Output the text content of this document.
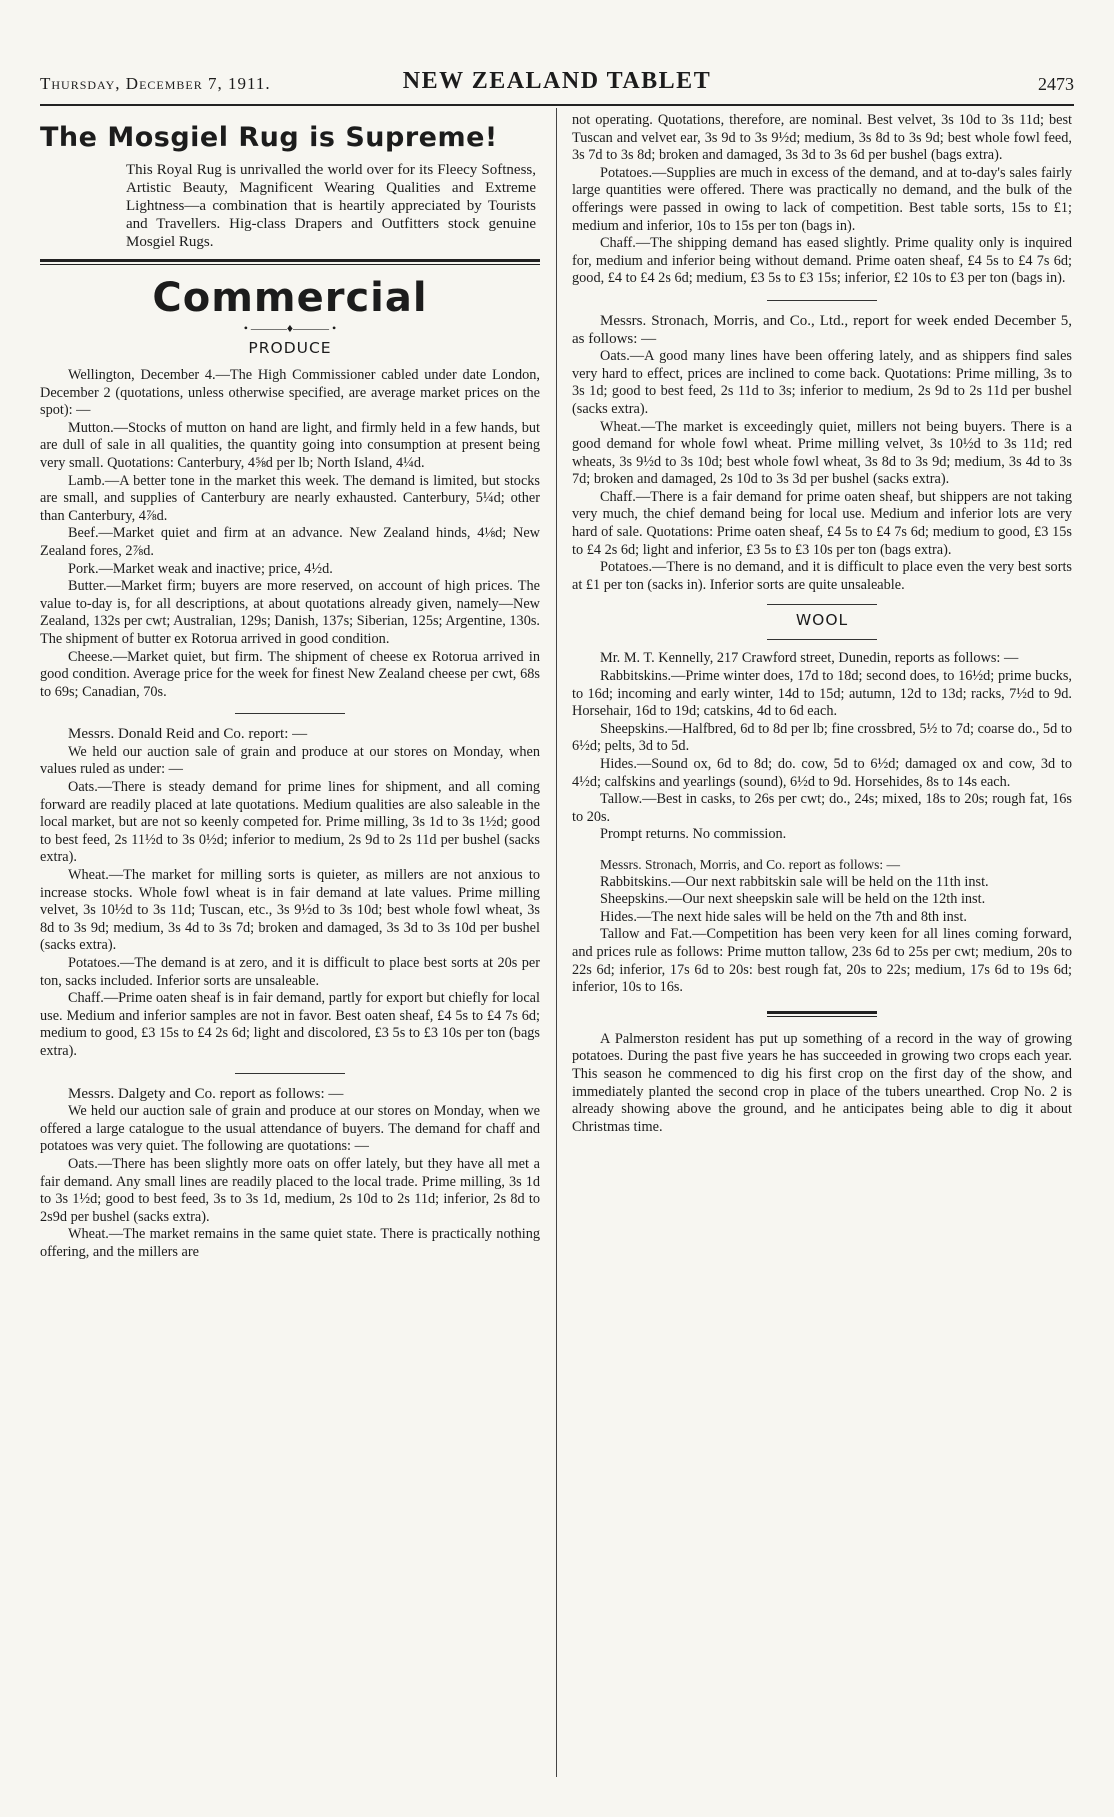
Thursday, December 7, 1911.	NEW ZEALAND TABLET	2473
The Mosgiel Rug is Supreme!

This Royal Rug is unrivalled the world over for its Fleecy Softness, Artistic Beauty, Magnificent Wearing Qualities and Extreme Lightness—a combination that is heartily appreciated by Tourists and Travellers. Hig-class Drapers and Outfitters stock genuine Mosgiel Rugs.

Commercial
• ———♦——— •
PRODUCE

Wellington, December 4.—The High Commissioner cabled under date London, December 2 (quotations, unless otherwise specified, are average market prices on the spot): —

Mutton.—Stocks of mutton on hand are light, and firmly held in a few hands, but are dull of sale in all qualities, the quantity going into consumption at present being very small. Quotations: Canterbury, 4⅝d per lb; North Island, 4¼d.

Lamb.—A better tone in the market this week. The demand is limited, but stocks are small, and supplies of Canterbury are nearly exhausted. Canterbury, 5¼d; other than Canterbury, 4⅞d.

Beef.—Market quiet and firm at an advance. New Zealand hinds, 4⅛d; New Zealand fores, 2⅞d.

Pork.—Market weak and inactive; price, 4½d.

Butter.—Market firm; buyers are more reserved, on account of high prices. The value to-day is, for all descriptions, at about quotations already given, namely—New Zealand, 132s per cwt; Australian, 129s; Danish, 137s; Siberian, 125s; Argentine, 130s. The shipment of butter ex Rotorua arrived in good condition.

Cheese.—Market quiet, but firm. The shipment of cheese ex Rotorua arrived in good condition. Average price for the week for finest New Zealand cheese per cwt, 68s to 69s; Canadian, 70s.

Messrs. Donald Reid and Co. report: —

We held our auction sale of grain and produce at our stores on Monday, when values ruled as under: —

Oats.—There is steady demand for prime lines for shipment, and all coming forward are readily placed at late quotations. Medium qualities are also saleable in the local market, but are not so keenly competed for. Prime milling, 3s 1d to 3s 1½d; good to best feed, 2s 11½d to 3s 0½d; inferior to medium, 2s 9d to 2s 11d per bushel (sacks extra).

Wheat.—The market for milling sorts is quieter, as millers are not anxious to increase stocks. Whole fowl wheat is in fair demand at late values. Prime milling velvet, 3s 10½d to 3s 11d; Tuscan, etc., 3s 9½d to 3s 10d; best whole fowl wheat, 3s 8d to 3s 9d; medium, 3s 4d to 3s 7d; broken and damaged, 3s 3d to 3s 10d per bushel (sacks extra).

Potatoes.—The demand is at zero, and it is difficult to place best sorts at 20s per ton, sacks included. Inferior sorts are unsaleable.

Chaff.—Prime oaten sheaf is in fair demand, partly for export but chiefly for local use. Medium and inferior samples are not in favor. Best oaten sheaf, £4 5s to £4 7s 6d; medium to good, £3 15s to £4 2s 6d; light and discolored, £3 5s to £3 10s per ton (bags extra).

Messrs. Dalgety and Co. report as follows: —

We held our auction sale of grain and produce at our stores on Monday, when we offered a large catalogue to the usual attendance of buyers. The demand for chaff and potatoes was very quiet. The following are quotations: —

Oats.—There has been slightly more oats on offer lately, but they have all met a fair demand. Any small lines are readily placed to the local trade. Prime milling, 3s 1d to 3s 1½d; good to best feed, 3s to 3s 1d, medium, 2s 10d to 2s 11d; inferior, 2s 8d to 2s9d per bushel (sacks extra).

Wheat.—The market remains in the same quiet state. There is practically nothing offering, and the millers are

not operating. Quotations, therefore, are nominal. Best velvet, 3s 10d to 3s 11d; best Tuscan and velvet ear, 3s 9d to 3s 9½d; medium, 3s 8d to 3s 9d; best whole fowl feed, 3s 7d to 3s 8d; broken and damaged, 3s 3d to 3s 6d per bushel (bags extra).

Potatoes.—Supplies are much in excess of the demand, and at to-day's sales fairly large quantities were offered. There was practically no demand, and the bulk of the offerings were passed in owing to lack of competition. Best table sorts, 15s to £1; medium and inferior, 10s to 15s per ton (bags in).

Chaff.—The shipping demand has eased slightly. Prime quality only is inquired for, medium and inferior being without demand. Prime oaten sheaf, £4 5s to £4 7s 6d; good, £4 to £4 2s 6d; medium, £3 5s to £3 15s; inferior, £2 10s to £3 per ton (bags in).

Messrs. Stronach, Morris, and Co., Ltd., report for week ended December 5, as follows: —

Oats.—A good many lines have been offering lately, and as shippers find sales very hard to effect, prices are inclined to come back. Quotations: Prime milling, 3s to 3s 1d; good to best feed, 2s 11d to 3s; inferior to medium, 2s 9d to 2s 11d per bushel (sacks extra).

Wheat.—The market is exceedingly quiet, millers not being buyers. There is a good demand for whole fowl wheat. Prime milling velvet, 3s 10½d to 3s 11d; red wheats, 3s 9½d to 3s 10d; best whole fowl wheat, 3s 8d to 3s 9d; medium, 3s 4d to 3s 7d; broken and damaged, 2s 10d to 3s 3d per bushel (sacks extra).

Chaff.—There is a fair demand for prime oaten sheaf, but shippers are not taking very much, the chief demand being for local use. Medium and inferior lots are very hard of sale. Quotations: Prime oaten sheaf, £4 5s to £4 7s 6d; medium to good, £3 15s to £4 2s 6d; light and inferior, £3 5s to £3 10s per ton (bags extra).

Potatoes.—There is no demand, and it is difficult to place even the very best sorts at £1 per ton (sacks in). Inferior sorts are quite unsaleable.

WOOL

Mr. M. T. Kennelly, 217 Crawford street, Dunedin, reports as follows: —

Rabbitskins.—Prime winter does, 17d to 18d; second does, to 16½d; prime bucks, to 16d; incoming and early winter, 14d to 15d; autumn, 12d to 13d; racks, 7½d to 9d. Horsehair, 16d to 19d; catskins, 4d to 6d each.

Sheepskins.—Halfbred, 6d to 8d per lb; fine crossbred, 5½ to 7d; coarse do., 5d to 6½d; pelts, 3d to 5d.

Hides.—Sound ox, 6d to 8d; do. cow, 5d to 6½d; damaged ox and cow, 3d to 4½d; calfskins and yearlings (sound), 6½d to 9d. Horsehides, 8s to 14s each.

Tallow.—Best in casks, to 26s per cwt; do., 24s; mixed, 18s to 20s; rough fat, 16s to 20s.

Prompt returns. No commission.

Messrs. Stronach, Morris, and Co. report as follows: —

Rabbitskins.—Our next rabbitskin sale will be held on the 11th inst.

Sheepskins.—Our next sheepskin sale will be held on the 12th inst.

Hides.—The next hide sales will be held on the 7th and 8th inst.

Tallow and Fat.—Competition has been very keen for all lines coming forward, and prices rule as follows: Prime mutton tallow, 23s 6d to 25s per cwt; medium, 20s to 22s 6d; inferior, 17s 6d to 20s: best rough fat, 20s to 22s; medium, 17s 6d to 19s 6d; inferior, 10s to 16s.

A Palmerston resident has put up something of a record in the way of growing potatoes. During the past five years he has succeeded in growing two crops each year. This season he commenced to dig his first crop on the first day of the show, and immediately planted the second crop in place of the tubers unearthed. Crop No. 2 is already showing above the ground, and he anticipates being able to dig it about Christmas time.
